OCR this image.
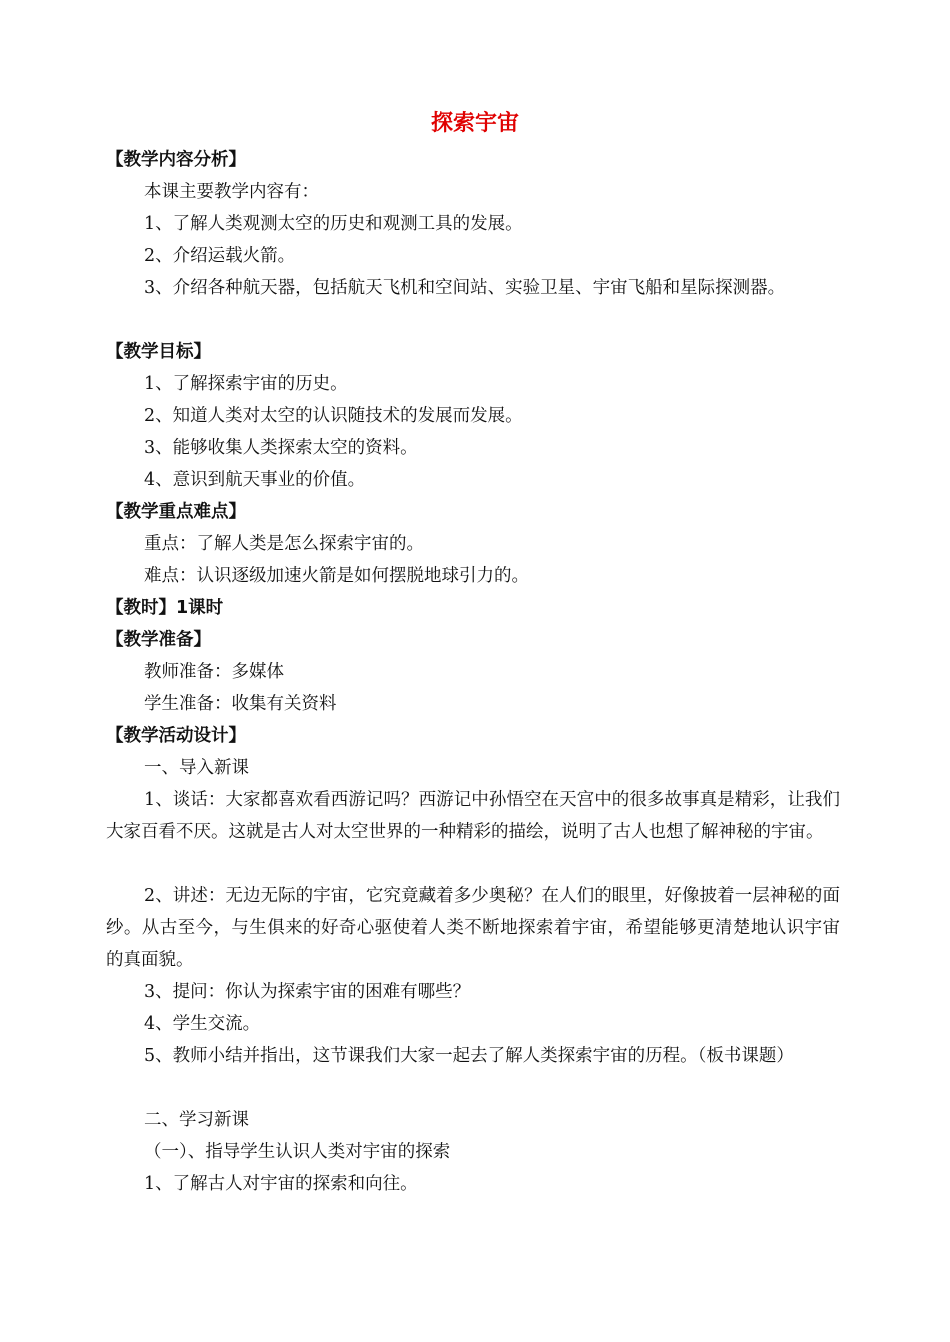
探索宇宙
【教学内容分析】
本课主要教学内容有：
1、了解人类观测太空的历史和观测工具的发展。
2、介绍运载火箭。
3、介绍各种航天器，包括航天飞机和空间站、实验卫星、宇宙飞船和星际探测器。
【教学目标】
1、了解探索宇宙的历史。
2、知道人类对太空的认识随技术的发展而发展。
3、能够收集人类探索太空的资料。
4、意识到航天事业的价值。
【教学重点难点】
重点：了解人类是怎么探索宇宙的。
难点：认识逐级加速火箭是如何摆脱地球引力的。
【教时】1课时
【教学准备】
教师准备：多媒体
学生准备：收集有关资料
【教学活动设计】
一、导入新课
1、谈话：大家都喜欢看西游记吗？西游记中孙悟空在天宫中的很多故事真是精彩，让我们大家百看不厌。这就是古人对太空世界的一种精彩的描绘，说明了古人也想了解神秘的宇宙。
2、讲述：无边无际的宇宙，它究竟藏着多少奥秘？在人们的眼里，好像披着一层神秘的面纱。从古至今，与生俱来的好奇心驱使着人类不断地探索着宇宙，希望能够更清楚地认识宇宙的真面貌。
3、提问：你认为探索宇宙的困难有哪些？
4、学生交流。
5、教师小结并指出，这节课我们大家一起去了解人类探索宇宙的历程。（板书课题）
二、学习新课
（一）、指导学生认识人类对宇宙的探索
1、了解古人对宇宙的探索和向往。
